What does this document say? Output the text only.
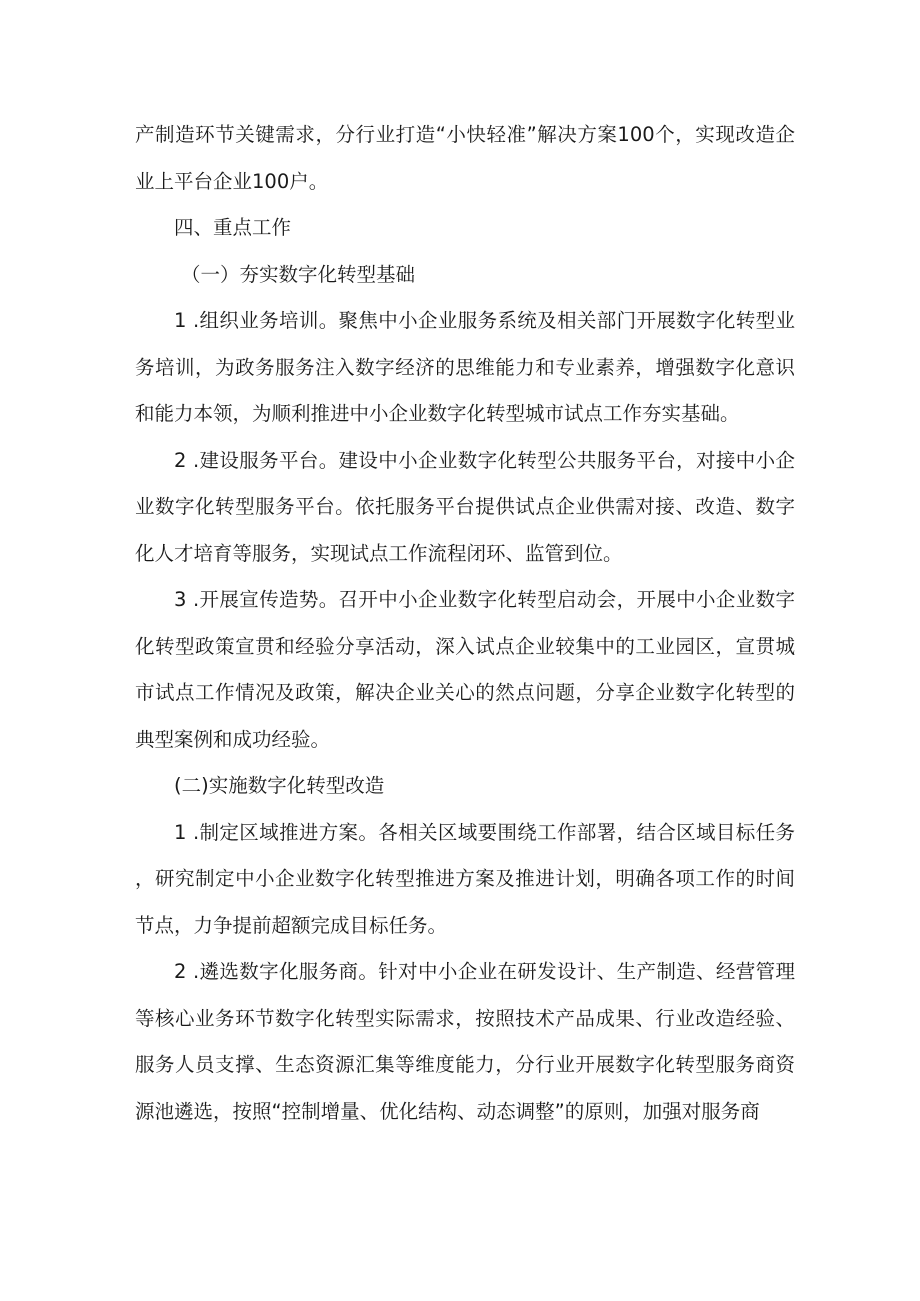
产制造环节关键需求，分行业打造“小快轻准”解决方案100个，实现改造企业上平台企业100户。

四、重点工作

（一）夯实数字化转型基础

1 .组织业务培训。聚焦中小企业服务系统及相关部门开展数字化转型业务培训，为政务服务注入数字经济的思维能力和专业素养，增强数字化意识和能力本领，为顺利推进中小企业数字化转型城市试点工作夯实基础。

2 .建设服务平台。建设中小企业数字化转型公共服务平台，对接中小企业数字化转型服务平台。依托服务平台提供试点企业供需对接、改造、数字化人才培育等服务，实现试点工作流程闭环、监管到位。

3 .开展宣传造势。召开中小企业数字化转型启动会，开展中小企业数字化转型政策宣贯和经验分享活动，深入试点企业较集中的工业园区，宣贯城市试点工作情况及政策，解决企业关心的然点问题，分享企业数字化转型的典型案例和成功经验。

(二)实施数字化转型改造

1 .制定区域推进方案。各相关区域要围绕工作部署，结合区域目标任务，研究制定中小企业数字化转型推进方案及推进计划，明确各项工作的时间节点，力争提前超额完成目标任务。

2 .遴选数字化服务商。针对中小企业在研发设计、生产制造、经营管理等核心业务环节数字化转型实际需求，按照技术产品成果、行业改造经验、服务人员支撑、生态资源汇集等维度能力，分行业开展数字化转型服务商资源池遴选，按照“控制增量、优化结构、动态调整”的原则，加强对服务商
